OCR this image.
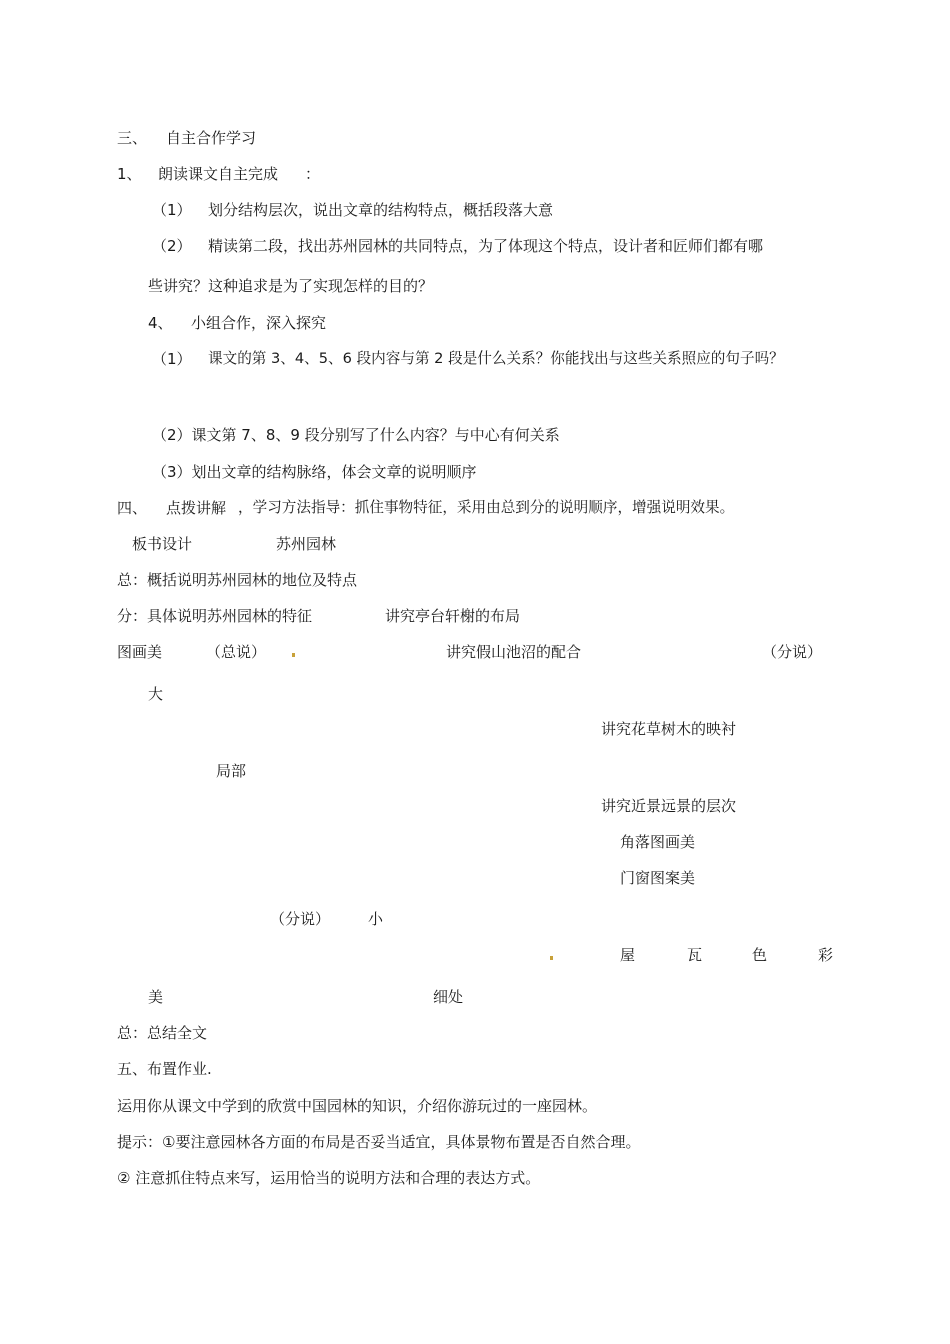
三、 自主合作学习
1、 朗读课文自主完成 ：
（1） 划分结构层次，说出文章的结构特点，概括段落大意
（2） 精读第二段，找出苏州园林的共同特点，为了体现这个特点，设计者和匠师们都有哪
些讲究？这种追求是为了实现怎样的目的？
4、 小组合作，深入探究
（1） 课文的第 3、4、5、6 段内容与第 2 段是什么关系？你能找出与这些关系照应的句子吗？
（2）课文第 7、8、9 段分别写了什么内容？与中心有何关系
（3）划出文章的结构脉络，体会文章的说明顺序
四、 点拨讲解 ，学习方法指导：抓住事物特征，采用由总到分的说明顺序，增强说明效果。
板书设计	苏州园林
总：概括说明苏州园林的地位及特点
分：具体说明苏州园林的特征	讲究亭台轩榭的布局
图画美	（总说）	讲究假山池沼的配合	（分说）
大
讲究花草树木的映衬
局部
讲究近景远景的层次
角落图画美
门窗图案美
（分说）	小
屋	瓦	色	彩
美	细处
总：总结全文
五、布置作业.
运用你从课文中学到的欣赏中国园林的知识，介绍你游玩过的一座园林。
提示：①要注意园林各方面的布局是否妥当适宜，具体景物布置是否自然合理。
② 注意抓住特点来写，运用恰当的说明方法和合理的表达方式。
